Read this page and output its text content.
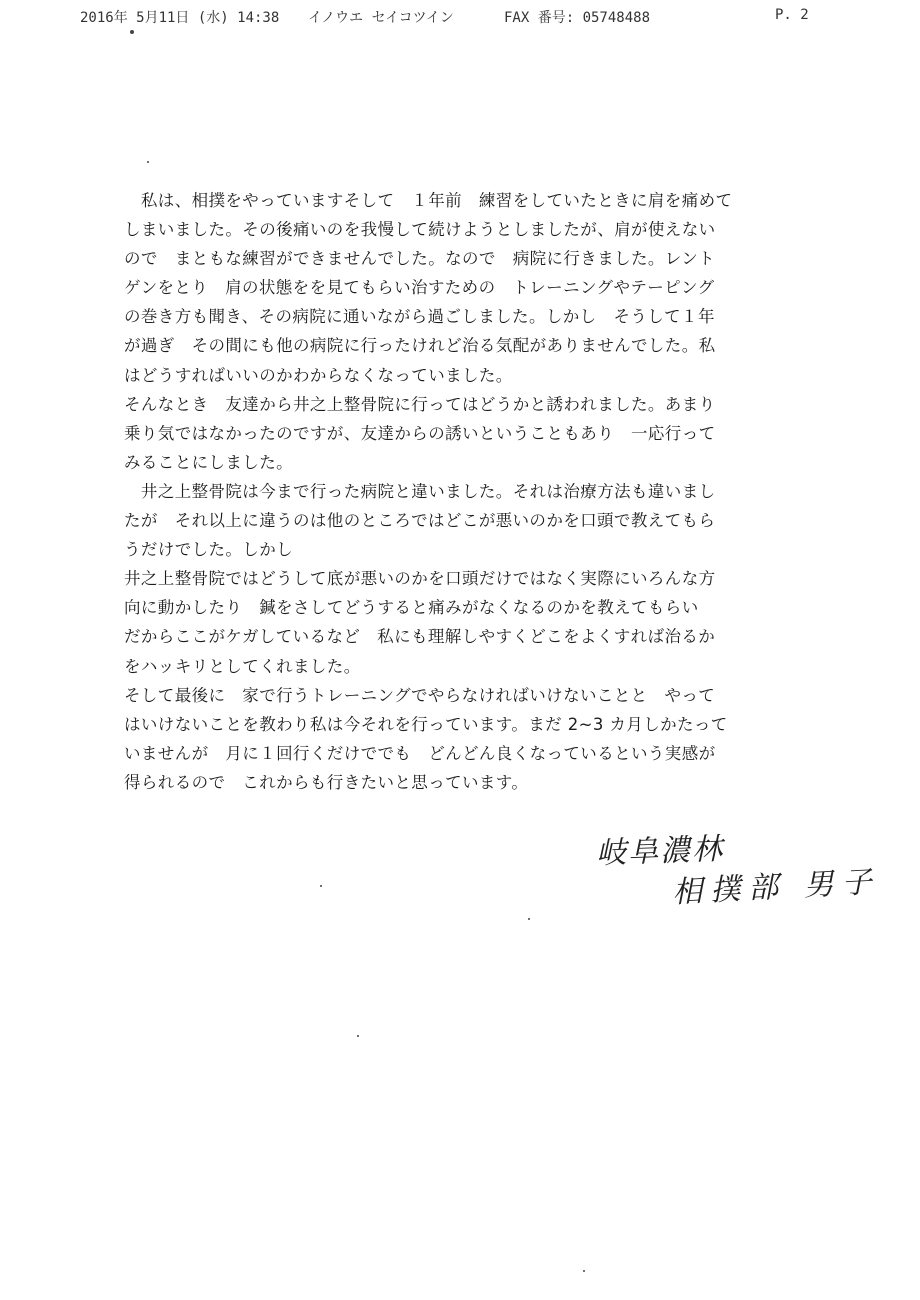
2016年 5月11日 (水) 14:38 イノウエ セイコツイン	FAX 番号: 05748488	P. 2
　私は、相撲をやっていますそして　１年前　練習をしていたときに肩を痛めて
しまいました。その後痛いのを我慢して続けようとしましたが、肩が使えない
ので　まともな練習ができませんでした。なので　病院に行きました。レント
ゲンをとり　肩の状態をを見てもらい治すための　トレーニングやテーピング
の巻き方も聞き、その病院に通いながら過ごしました。しかし　そうして１年
が過ぎ　その間にも他の病院に行ったけれど治る気配がありませんでした。私
はどうすればいいのかわからなくなっていました。
そんなとき　友達から井之上整骨院に行ってはどうかと誘われました。あまり
乗り気ではなかったのですが、友達からの誘いということもあり　一応行って
みることにしました。
　井之上整骨院は今まで行った病院と違いました。それは治療方法も違いまし
たが　それ以上に違うのは他のところではどこが悪いのかを口頭で教えてもら
うだけでした。しかし
井之上整骨院ではどうして底が悪いのかを口頭だけではなく実際にいろんな方
向に動かしたり　鍼をさしてどうすると痛みがなくなるのかを教えてもらい
だからここがケガしているなど　私にも理解しやすくどこをよくすれば治るか
をハッキリとしてくれました。
そして最後に　家で行うトレーニングでやらなければいけないことと　やって
はいけないことを教わり私は今それを行っています。まだ 2~3 カ月しかたって
いませんが　月に１回行くだけででも　どんどん良くなっているという実感が
得られるので　これからも行きたいと思っています。
岐阜濃林
相撲部 男子
